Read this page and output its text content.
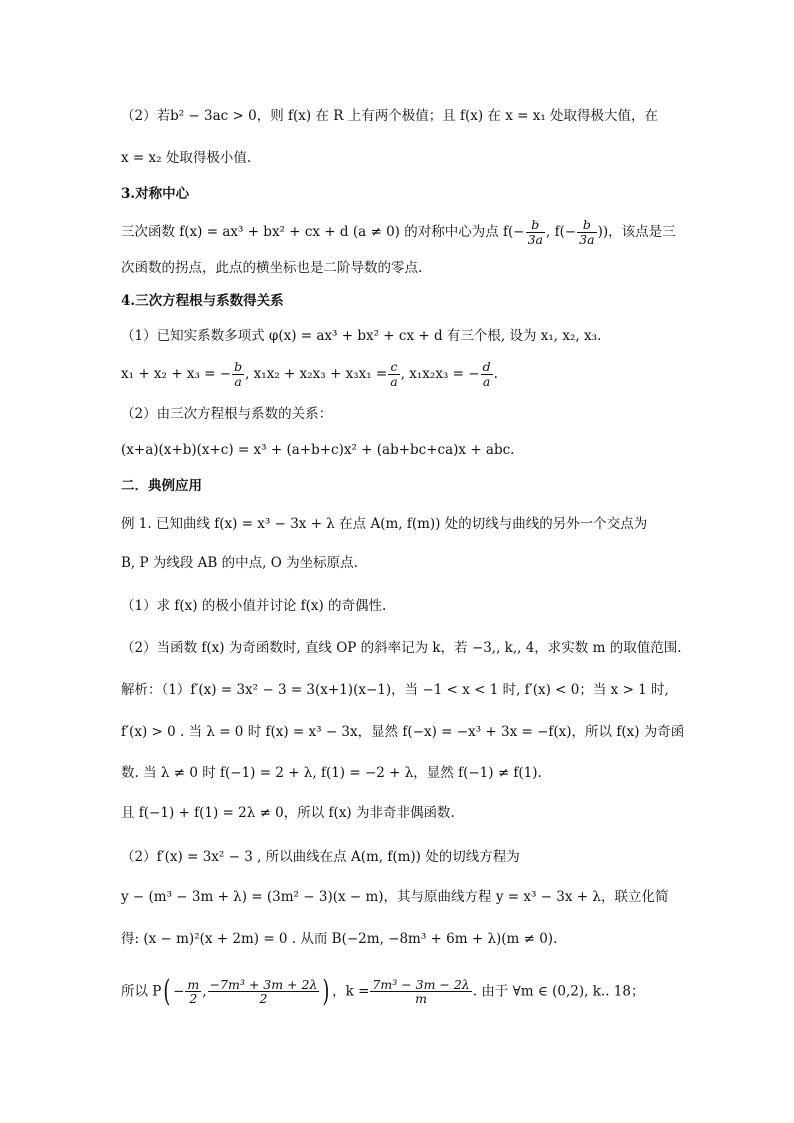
（2）若b² − 3ac > 0，则 f(x) 在 R 上有两个极值；且 f(x) 在 x = x₁ 处取得极大值，在
x = x₂ 处取得极小值.
3.对称中心
三次函数 f(x) = ax³ + bx² + cx + d (a ≠ 0) 的对称中心为点 $f(- \frac{b}{3a}$ , $f(- \frac{b}{3a}$ ))，该点是三
次函数的拐点，此点的横坐标也是二阶导数的零点.
4.三次方程根与系数得关系
（1）已知实系数多项式 φ(x) = ax³ + bx² + cx + d 有三个根, 设为 x₁, x₂, x₃.
x₁ + x₂ + x₃ = − $\frac{b}{a}$ , $x_1x_2 + x_2x_3 + x_3x_1 = \frac{c}{a}$ , x₁x₂x₃ = − $\frac{d}{a}$ .
（2）由三次方程根与系数的关系：
(x+a)(x+b)(x+c) = x³ + (a+b+c)x² + (ab+bc+ca)x + abc.
二．典例应用
例 1. 已知曲线 f(x) = x³ − 3x + λ 在点 A(m, f(m)) 处的切线与曲线的另外一个交点为
B, P 为线段 AB 的中点, O 为坐标原点.
（1）求 f(x) 的极小值并讨论 f(x) 的奇偶性.
（2）当函数 f(x) 为奇函数时, 直线 OP 的斜率记为 k，若 −3,, k,, 4，求实数 m 的取值范围.
解析：（1）f′(x) = 3x² − 3 = 3(x+1)(x−1)，当 −1 < x < 1 时, f′(x) < 0；当 x > 1 时,
f′(x) > 0 . 当 λ = 0 时 f(x) = x³ − 3x，显然 f(−x) = −x³ + 3x = −f(x)，所以 f(x) 为奇函
数. 当 λ ≠ 0 时 f(−1) = 2 + λ, f(1) = −2 + λ，显然 f(−1) ≠ f(1).
且 f(−1) + f(1) = 2λ ≠ 0，所以 f(x) 为非奇非偶函数.
（2）f′(x) = 3x² − 3 , 所以曲线在点 A(m, f(m)) 处的切线方程为
y − (m³ − 3m + λ) = (3m² − 3)(x − m)，其与原曲线方程 y = x³ − 3x + λ，联立化简
得: (x − m)²(x + 2m) = 0 . 从而 B(−2m, −8m³ + 6m + λ)(m ≠ 0).
所以 $P( - \frac{m}{2}$ , $\frac{\text{−7m³ + 3m + 2λ}}{2}$ ) ，$k = \frac{\text{7m³ − 3m − 2λ}}{m}$ . 由于 ∀m ∈ (0,2), k.. 18；
